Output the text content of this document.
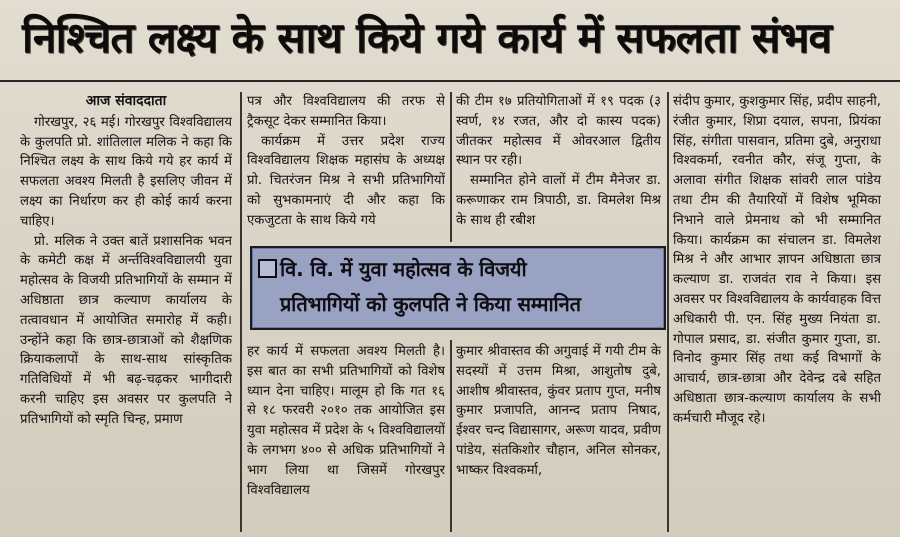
निश्चित लक्ष्य के साथ किये गये कार्य में सफलता संभव

आज संवाददाता

गोरखपुर, २६ मई। गोरखपुर विश्वविद्यालय के कुलपति प्रो. शांतिलाल मलिक ने कहा कि निश्चित लक्ष्य के साथ किये गये हर कार्य में सफलता अवश्य मिलती है इसलिए जीवन में लक्ष्य का निर्धारण कर ही कोई कार्य करना चाहिए।

प्रो. मलिक ने उक्त बातें प्रशासनिक भवन के कमेटी कक्ष में अर्न्तविश्वविद्यालयी युवा महोत्सव के विजयी प्रतिभागियों के सम्मान में अधिष्ठाता छात्र कल्याण कार्यालय के तत्वावधान में आयोजित समारोह में कही। उन्होंने कहा कि छात्र-छात्राओं को शैक्षणिक क्रियाकलापों के साथ-साथ सांस्कृतिक गतिविधियों में भी बढ़-चढ़कर भागीदारी करनी चाहिए इस अवसर पर कुलपति ने प्रतिभागियों को स्मृति चिन्ह, प्रमाण

पत्र और विश्वविद्यालय की तरफ से ट्रैकसूट देकर सम्मानित किया।

कार्यक्रम में उत्तर प्रदेश राज्य विश्वविद्यालय शिक्षक महासंघ के अध्यक्ष प्रो. चितरंजन मिश्र ने सभी प्रतिभागियों को सुभकामनाएं दी और कहा कि एकजुटता के साथ किये गये

की टीम १७ प्रतियोगिताओं में १९ पदक (३ स्वर्ण, १४ रजत, और दो कास्य पदक) जीतकर महोत्सव में ओवरआल द्वितीय स्थान पर रही।

सम्मानित होने वालों में टीम मैनेजर डा. करूणाकर राम त्रिपाठी, डा. विमलेश मिश्र के साथ ही रबीश

वि. वि. में युवा महोत्सव के विजयी
प्रतिभागियों को कुलपति ने किया सम्मानित

हर कार्य में सफलता अवश्य मिलती है। इस बात का सभी प्रतिभागियों को विशेष ध्यान देना चाहिए। मालूम हो कि गत १६ से १८ फरवरी २०१० तक आयोजित इस युवा महोत्सव में प्रदेश के ५ विश्वविद्यालयों के लगभग ४०० से अधिक प्रतिभागियों ने भाग लिया था जिसमें गोरखपुर विश्वविद्यालय

कुमार श्रीवास्तव की अगुवाई में गयी टीम के सदस्यों में उत्तम मिश्रा, आशुतोष दुबे, आशीष श्रीवास्तव, कुंवर प्रताप गुप्त, मनीष कुमार प्रजापति, आनन्द प्रताप निषाद, ईश्वर चन्द विद्यासागर, अरूण यादव, प्रवीण पांडेय, संतकिशोर चौहान, अनिल सोनकर, भाष्कर विश्वकर्मा,

संदीप कुमार, कुशकुमार सिंह, प्रदीप साहनी, रंजीत कुमार, शिप्रा दयाल, सपना, प्रियंका सिंह, संगीता पासवान, प्रतिमा दुबे, अनुराधा विश्वकर्मा, रवनीत कौर, संजू गुप्ता, के अलावा संगीत शिक्षक सांवरी लाल पांडेय तथा टीम की तैयारियों में विशेष भूमिका निभाने वाले प्रेमनाथ को भी सम्मानित किया। कार्यक्रम का संचालन डा. विमलेश मिश्र ने और आभार ज्ञापन अधिष्ठाता छात्र कल्याण डा. राजवंत राव ने किया। इस अवसर पर विश्वविद्यालय के कार्यवाहक वित्त अधिकारी पी. एन. सिंह मुख्य नियंता डा. गोपाल प्रसाद, डा. संजीत कुमार गुप्ता, डा. विनोद कुमार सिंह तथा कई विभागों के आचार्य, छात्र-छात्रा और देवेन्द्र दबे सहित अधिष्ठाता छात्र-कल्याण कार्यालय के सभी कर्मचारी मौजूद रहे।
